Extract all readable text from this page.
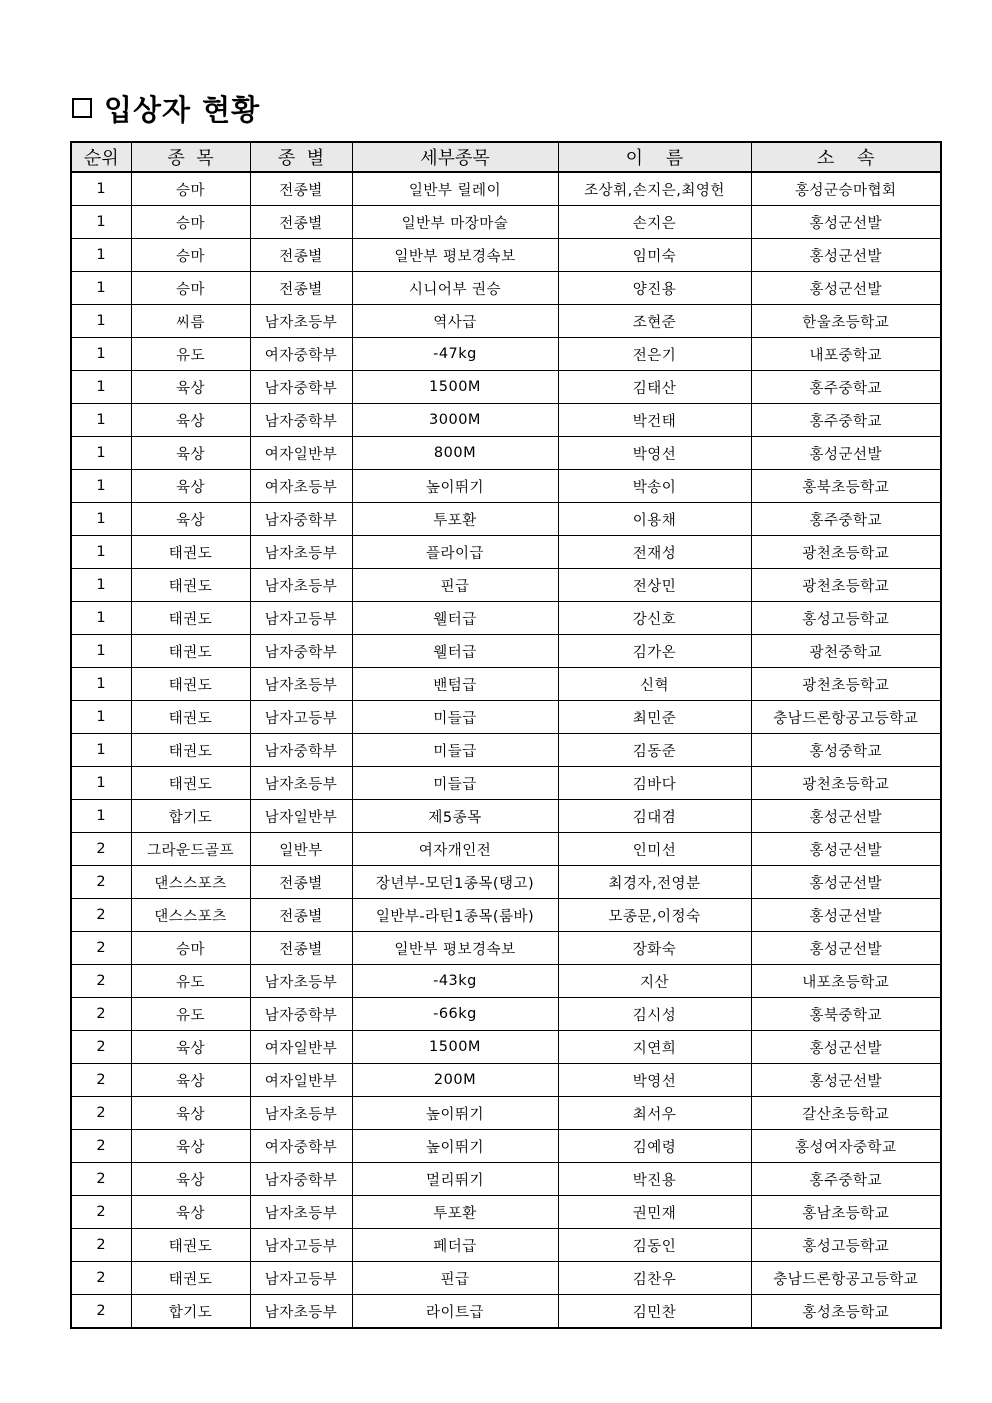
입상자 현황
순위	종  목	종  별	세부종목	이    름	소    속
1	승마	전종별	일반부 릴레이	조상휘,손지은,최영헌	홍성군승마협회
1	승마	전종별	일반부 마장마술	손지은	홍성군선발
1	승마	전종별	일반부 평보경속보	임미숙	홍성군선발
1	승마	전종별	시니어부 권승	양진용	홍성군선발
1	씨름	남자초등부	역사급	조현준	한울초등학교
1	유도	여자중학부	-47kg	전은기	내포중학교
1	육상	남자중학부	1500M	김태산	홍주중학교
1	육상	남자중학부	3000M	박건태	홍주중학교
1	육상	여자일반부	800M	박영선	홍성군선발
1	육상	여자초등부	높이뛰기	박송이	홍북초등학교
1	육상	남자중학부	투포환	이용채	홍주중학교
1	태권도	남자초등부	플라이급	전재성	광천초등학교
1	태권도	남자초등부	핀급	전상민	광천초등학교
1	태권도	남자고등부	웰터급	강신호	홍성고등학교
1	태권도	남자중학부	웰터급	김가온	광천중학교
1	태권도	남자초등부	밴텀급	신혁	광천초등학교
1	태권도	남자고등부	미들급	최민준	충남드론항공고등학교
1	태권도	남자중학부	미들급	김동준	홍성중학교
1	태권도	남자초등부	미들급	김바다	광천초등학교
1	합기도	남자일반부	제5종목	김대겸	홍성군선발
2	그라운드골프	일반부	여자개인전	인미선	홍성군선발
2	댄스스포츠	전종별	장년부-모던1종목(탱고)	최경자,전영분	홍성군선발
2	댄스스포츠	전종별	일반부-라틴1종목(룸바)	모종문,이정숙	홍성군선발
2	승마	전종별	일반부 평보경속보	장화숙	홍성군선발
2	유도	남자초등부	-43kg	지산	내포초등학교
2	유도	남자중학부	-66kg	김시성	홍북중학교
2	육상	여자일반부	1500M	지연희	홍성군선발
2	육상	여자일반부	200M	박영선	홍성군선발
2	육상	남자초등부	높이뛰기	최서우	갈산초등학교
2	육상	여자중학부	높이뛰기	김예령	홍성여자중학교
2	육상	남자중학부	멀리뛰기	박진용	홍주중학교
2	육상	남자초등부	투포환	권민재	홍남초등학교
2	태권도	남자고등부	페더급	김동인	홍성고등학교
2	태권도	남자고등부	핀급	김찬우	충남드론항공고등학교
2	합기도	남자초등부	라이트급	김민찬	홍성초등학교
